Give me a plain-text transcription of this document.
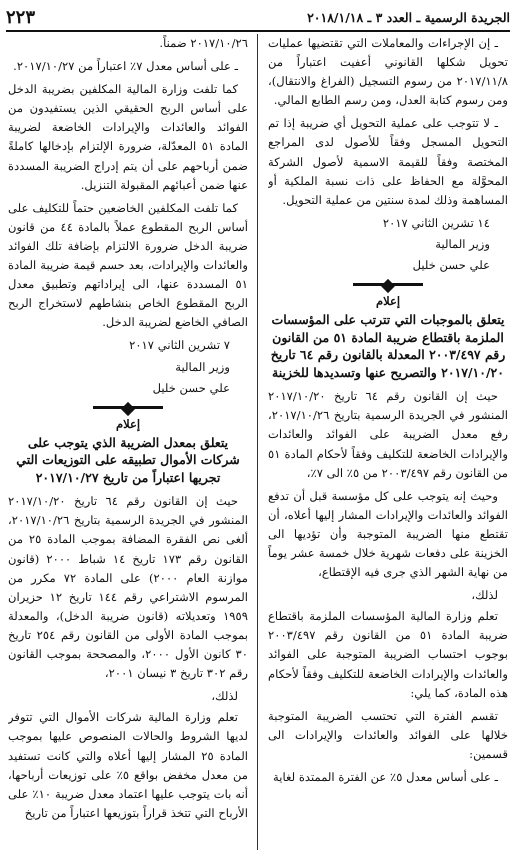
الجريدة الرسمية ـ العدد ٣ ـ ٢٠١٨/١/١٨
٢٢٣

ـ إن الإجراءات والمعاملات التي تقتضيها عمليات تحويل شكلها القانوني أعفيت اعتباراً من ٢٠١٧/١١/٨ من رسوم التسجيل (الفراغ والانتقال)، ومن رسوم كتابة العدل، ومن رسم الطابع المالي.

ـ لا تتوجب على عملية التحويل أي ضريبة إذا تم التحويل المسجل وفقاً للأصول لدى المراجع المختصة وفقاً للقيمة الاسمية لأصول الشركة المحوَّلة مع الحفاظ على ذات نسبة الملكية أو المساهمة وذلك لمدة سنتين من عملية التحويل.

١٤ تشرين الثاني ٢٠١٧

وزير المالية

علي حسن خليل

إعلام
يتعلق بالموجبات التي تترتب على المؤسسات الملزمة باقتطاع ضريبة المادة ٥١ من القانون رقم ٢٠٠٣/٤٩٧ المعدلة بالقانون رقم ٦٤ تاريخ ٢٠١٧/١٠/٢٠ والتصريح عنها وتسديدها للخزينة

حيث إن القانون رقم ٦٤ تاريخ ٢٠١٧/١٠/٢٠ المنشور في الجريدة الرسمية بتاريخ ٢٠١٧/١٠/٢٦، رفع معدل الضريبة على الفوائد والعائدات والإيرادات الخاضعة للتكليف وفقاً لأحكام المادة ٥١ من القانون رقم ٢٠٠٣/٤٩٧ من ٥٪ الى ٧٪،

وحيث إنه يتوجب على كل مؤسسة قبل أن تدفع الفوائد والعائدات والإيرادات المشار إليها أعلاه، أن تقتطع منها الضريبة المتوجبة وأن تؤديها الى الخزينة على دفعات شهرية خلال خمسة عشر يوماً من نهاية الشهر الذي جرى فيه الإقتطاع،

لذلك،

تعلم وزارة المالية المؤسسات الملزمة باقتطاع ضريبة المادة ٥١ من القانون رقم ٢٠٠٣/٤٩٧ بوجوب احتساب الضريبة المتوجبة على الفوائد والعائدات والإيرادات الخاضعة للتكليف وفقاً لأحكام هذه المادة، كما يلي:

تقسم الفترة التي تحتسب الضريبة المتوجبة خلالها على الفوائد والعائدات والإيرادات الى قسمين:

ـ على أساس معدل ٥٪ عن الفترة الممتدة لغاية

٢٠١٧/١٠/٢٦ ضمناً.

ـ على أساس معدل ٧٪ اعتباراً من ٢٠١٧/١٠/٢٧.

كما تلفت وزارة المالية المكلفين بضريبة الدخل على أساس الربح الحقيقي الذين يستفيدون من الفوائد والعائدات والإيرادات الخاضعة لضريبة المادة ٥١ المعدّلة، ضرورة الإلتزام بإدخالها كاملةً ضمن أرباحهم على أن يتم إدراج الضريبة المسددة عنها ضمن أعبائهم المقبولة التنزيل.

كما تلفت المكلفين الخاضعين حتماً للتكليف على أساس الربح المقطوع عملاً بالمادة ٤٤ من قانون ضريبة الدخل ضرورة الالتزام بإضافة تلك الفوائد والعائدات والإيرادات، بعد حسم قيمة ضريبة المادة ٥١ المسددة عنها، الى إيراداتهم وتطبيق معدل الربح المقطوع الخاص بنشاطهم لاستخراج الربح الصافي الخاضع لضريبة الدخل.

٧ تشرين الثاني ٢٠١٧

وزير المالية

علي حسن خليل

إعلام
يتعلق بمعدل الضريبة الذي يتوجب على شركات الأموال تطبيقه على التوزيعات التي تجريها اعتباراً من تاريخ ٢٠١٧/١٠/٢٧

حيث إن القانون رقم ٦٤ تاريخ ٢٠١٧/١٠/٢٠ المنشور في الجريدة الرسمية بتاريخ ٢٠١٧/١٠/٢٦، ألغى نص الفقرة المضافة بموجب المادة ٢٥ من القانون رقم ١٧٣ تاريخ ١٤ شباط ٢٠٠٠ (قانون موازنة العام ٢٠٠٠) على المادة ٧٢ مكرر من المرسوم الاشتراعي رقم ١٤٤ تاريخ ١٢ حزيران ١٩٥٩ وتعديلاته (قانون ضريبة الدخل)، والمعدلة بموجب المادة الأولى من القانون رقم ٢٥٤ تاريخ ٣٠ كانون الأول ٢٠٠٠، والمصححة بموجب القانون رقم ٣٠٢ تاريخ ٣ نيسان ٢٠٠١،

لذلك،

تعلم وزارة المالية شركات الأموال التي تتوفر لديها الشروط والحالات المنصوص عليها بموجب المادة ٢٥ المشار إليها أعلاه والتي كانت تستفيد من معدل مخفض بواقع ٥٪ على توزيعات أرباحها، أنه بات يتوجب عليها اعتماد معدل ضريبة ١٠٪ على الأرباح التي تتخذ قراراً بتوزيعها اعتباراً من تاريخ
